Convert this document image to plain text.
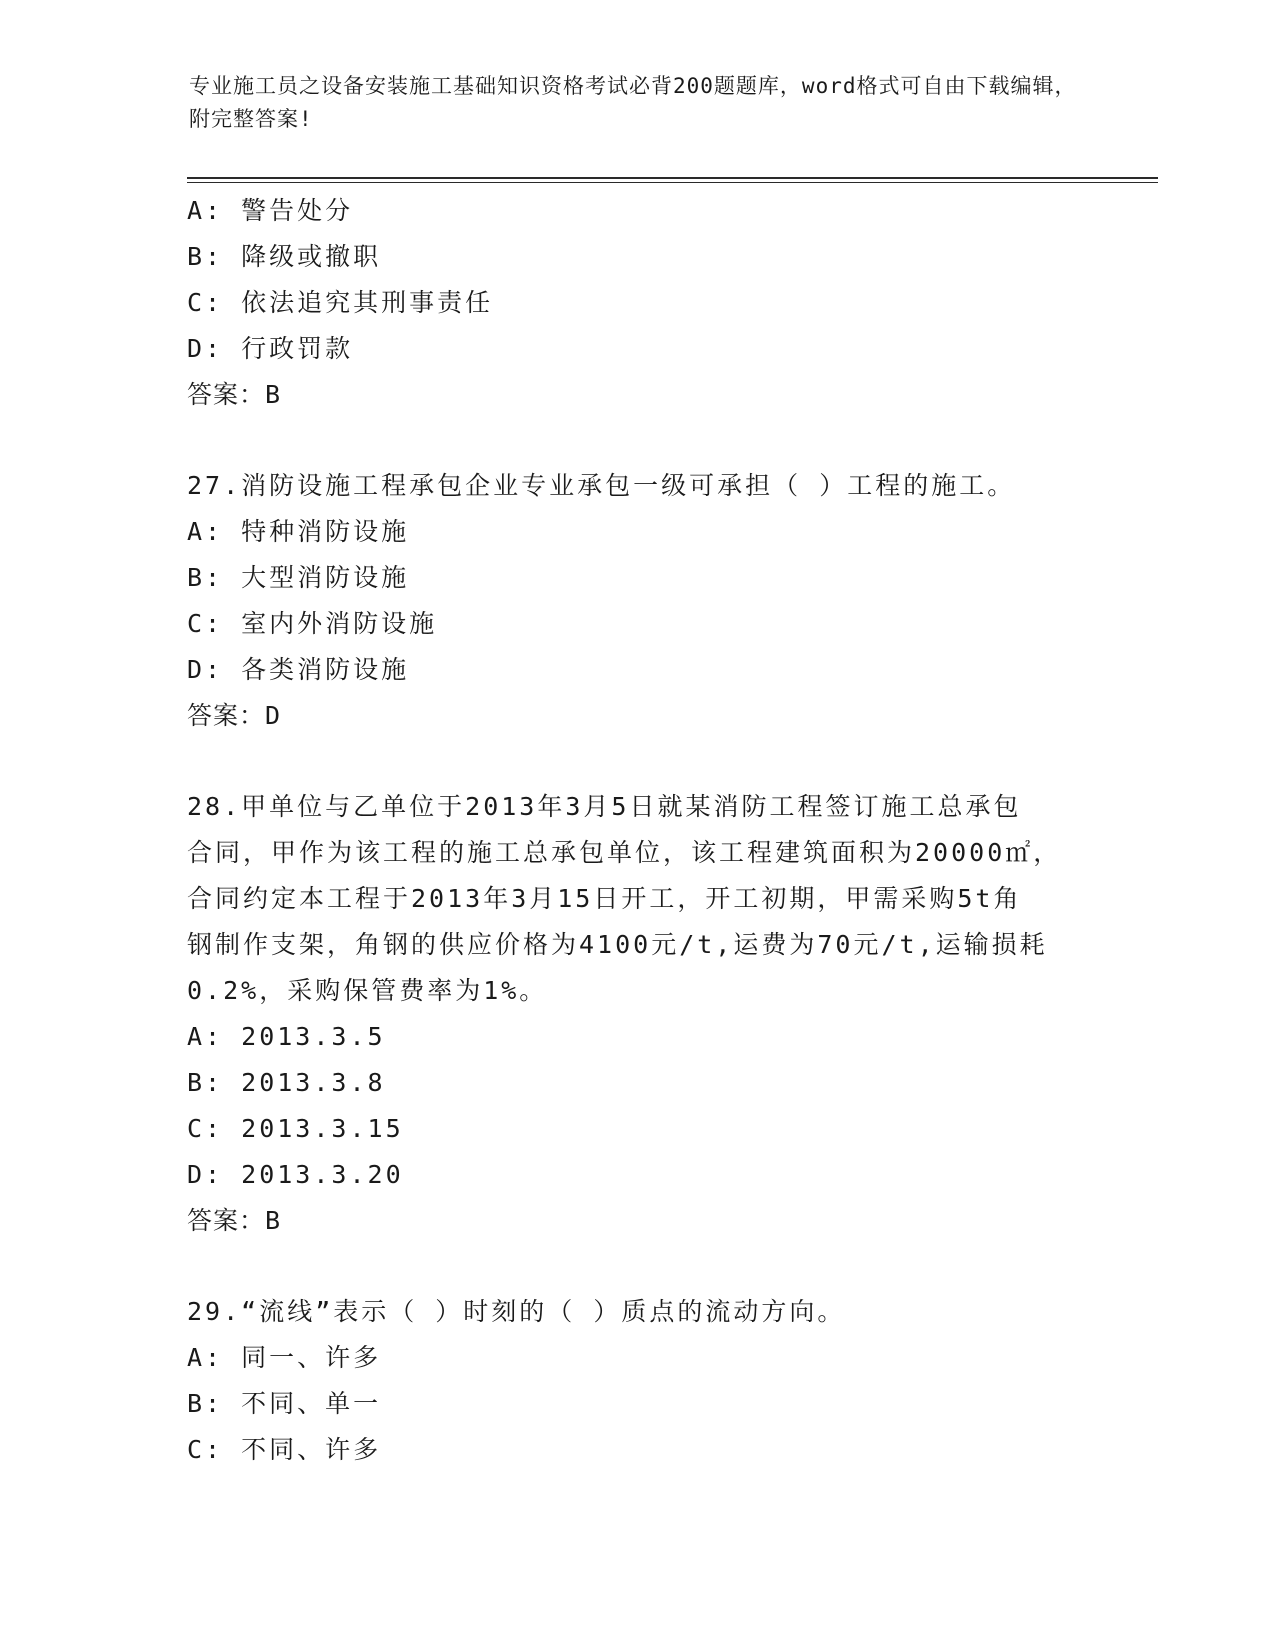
专业施工员之设备安装施工基础知识资格考试必背200题题库，word格式可自由下载编辑，附完整答案!
A: 警告处分
B: 降级或撤职
C: 依法追究其刑事责任
D: 行政罚款
答案：B
27.消防设施工程承包企业专业承包一级可承担（ ）工程的施工。
A: 特种消防设施
B: 大型消防设施
C: 室内外消防设施
D: 各类消防设施
答案：D
28.甲单位与乙单位于2013年3月5日就某消防工程签订施工总承包
合同，甲作为该工程的施工总承包单位，该工程建筑面积为20000㎡，
合同约定本工程于2013年3月15日开工，开工初期，甲需采购5t角
钢制作支架，角钢的供应价格为4100元/t,运费为70元/t,运输损耗
0.2%，采购保管费率为1%。
A: 2013.3.5
B: 2013.3.8
C: 2013.3.15
D: 2013.3.20
答案：B
29.“流线”表示（ ）时刻的（ ）质点的流动方向。
A: 同一、许多
B: 不同、单一
C: 不同、许多
